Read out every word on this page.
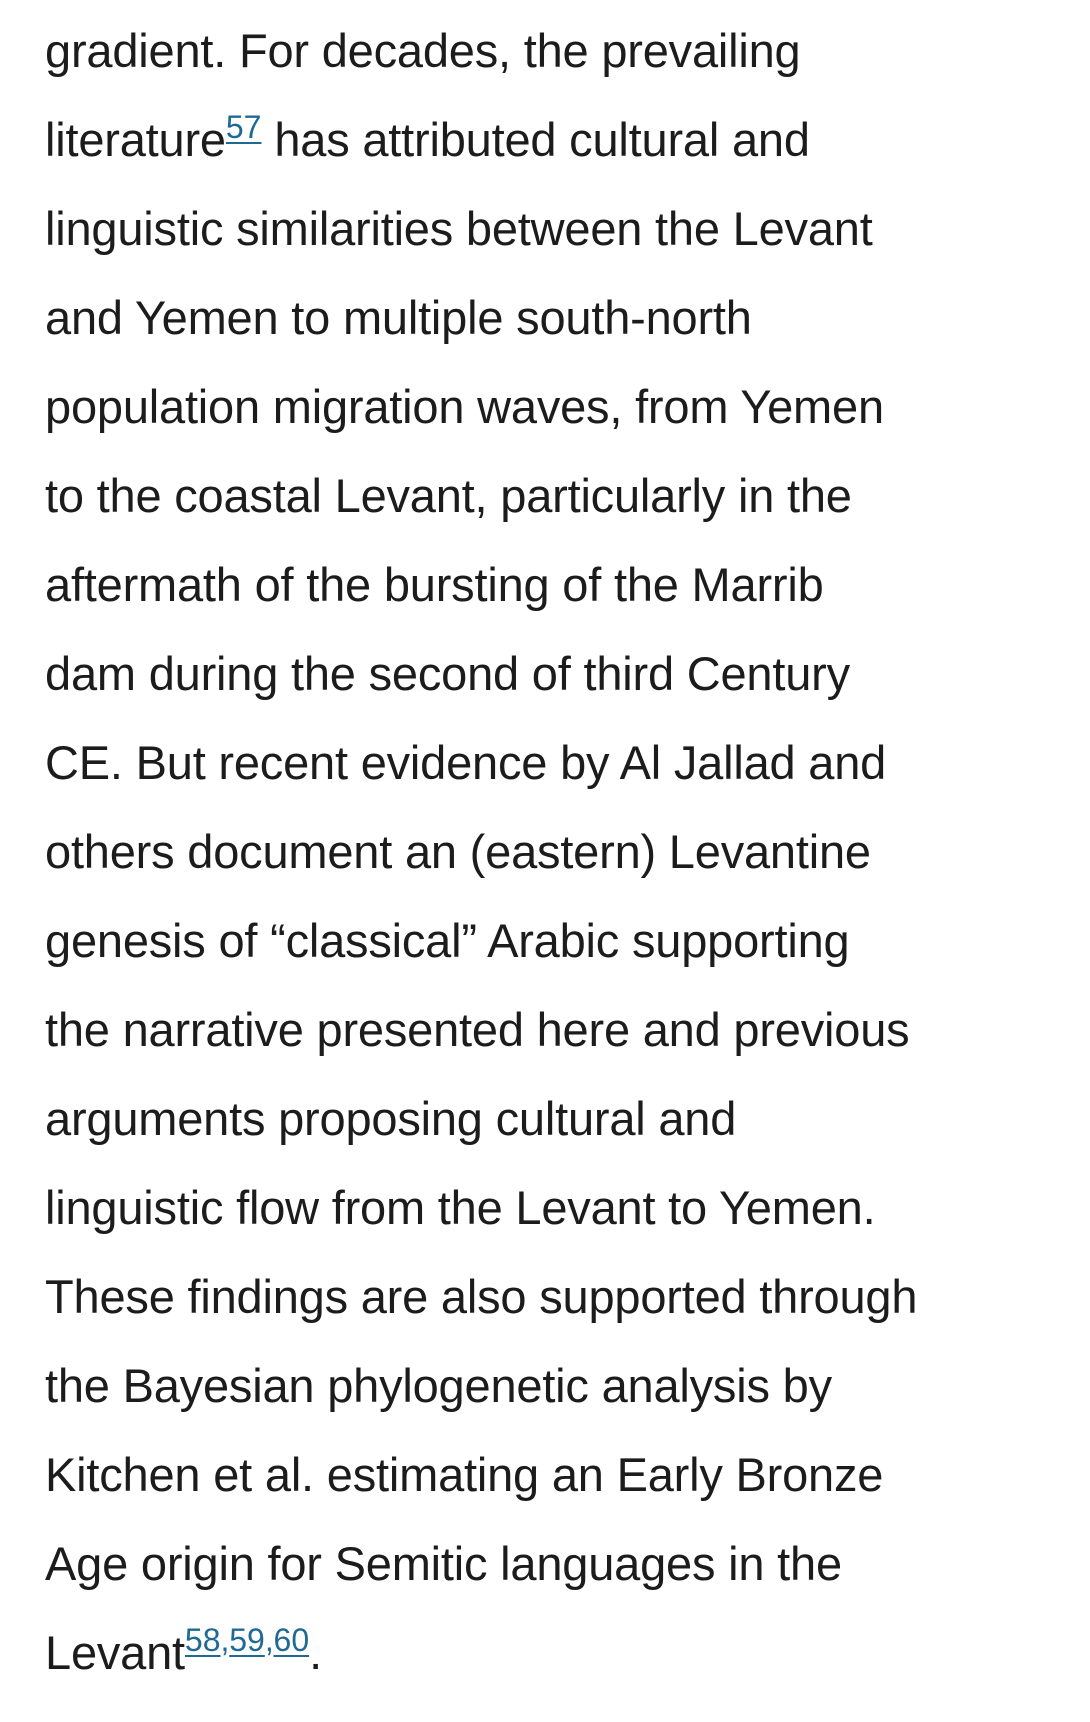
gradient. For decades, the prevailing
literature$^{57}$ has attributed cultural and
linguistic similarities between the Levant
and Yemen to multiple south-north
population migration waves, from Yemen
to the coastal Levant, particularly in the
aftermath of the bursting of the Marrib
dam during the second of third Century
CE. But recent evidence by Al Jallad and
others document an (eastern) Levantine
genesis of “classical” Arabic supporting
the narrative presented here and previous
arguments proposing cultural and
linguistic flow from the Levant to Yemen.
These findings are also supported through
the Bayesian phylogenetic analysis by
Kitchen et al. estimating an Early Bronze
Age origin for Semitic languages in the
Levant$^{58,59,60}$.
